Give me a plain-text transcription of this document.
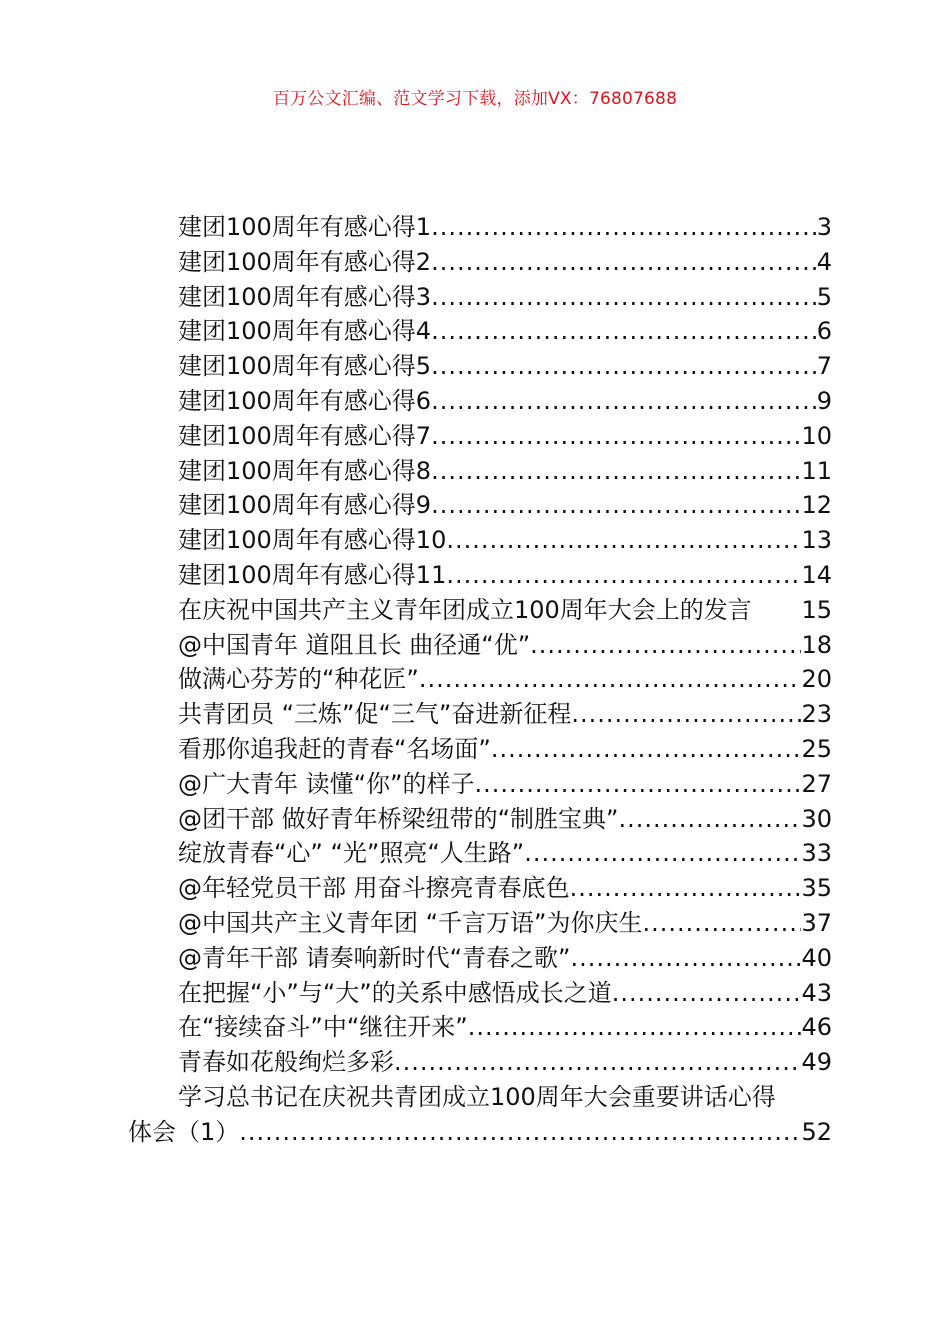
百万公文汇编、范文学习下载，添加VX：76807688
建团100周年有感心得1 .....	3
建团100周年有感心得2 .....	4
建团100周年有感心得3 .....	5
建团100周年有感心得4 .....	6
建团100周年有感心得5 .....	7
建团100周年有感心得6 .....	9
建团100周年有感心得7 .....	10
建团100周年有感心得8 .....	11
建团100周年有感心得9 .....	12
建团100周年有感心得10 .....	13
建团100周年有感心得11 .....	14
在庆祝中国共产主义青年团成立100周年大会上的发言 15
@中国青年 道阻且长 曲径通“优” .....	18
做满心芬芳的“种花匠” .....	20
共青团员 “三炼”促“三气”奋进新征程 .....	23
看那你追我赶的青春“名场面” .....	25
@广大青年 读懂“你”的样子 .....	27
@团干部 做好青年桥梁纽带的“制胜宝典” .....	30
绽放青春“心” “光”照亮“人生路” .....	33
@年轻党员干部 用奋斗擦亮青春底色 .....	35
@中国共产主义青年团 “千言万语”为你庆生 .....	37
@青年干部 请奏响新时代“青春之歌” .....	40
在把握“小”与“大”的关系中感悟成长之道 .....	43
在“接续奋斗”中“继往开来” .....	46
青春如花般绚烂多彩 .....	49
学习总书记在庆祝共青团成立100周年大会重要讲话心得
体会（1） .....	52
